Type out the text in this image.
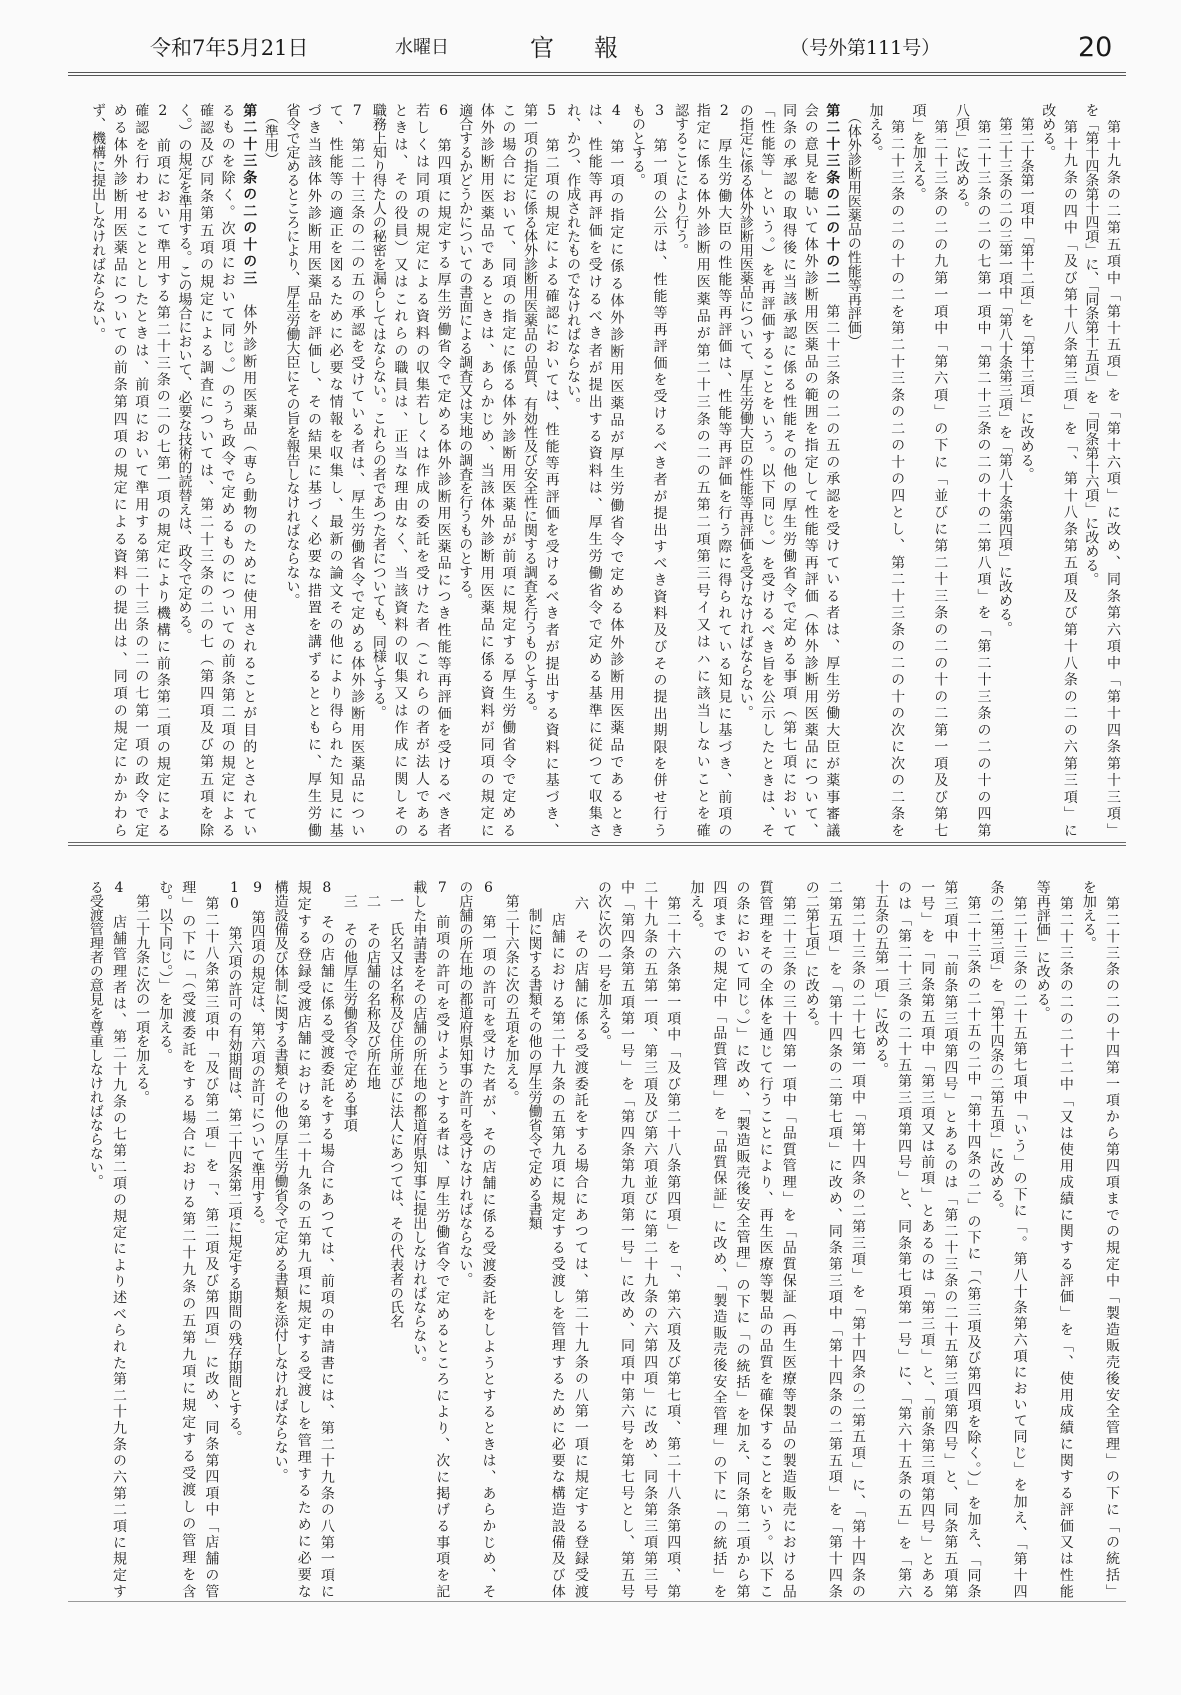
令和7年5月21日	水曜日	官報	（号外第111号）	20
　第十九条の二第五項中「第十五項」を「第十六項」に改め、同条第六項中「第十四条第十三項」
を「第十四条第十四項」に、「同条第十五項」を「同条第十六項」に改める。
　第十九条の四中「及び第十八条第三項」を「、第十八条第五項及び第十八条の二の六第三項」に
改める。
　第二十条第一項中「第十二項」を「第十三項」に改める。
　第二十三条の二の三第一項中「第八十条第三項」を「第八十条第四項」に改める。
　第二十三条の二の七第一項中「第二十三条の二の十の二第八項」を「第二十三条の二の十の四第
八項」に改める。
　第二十三条の二の九第一項中「第六項」の下に「並びに第二十三条の二の十の二第一項及び第七
項」を加える。
　第二十三条の二の十の二を第二十三条の二の十の四とし、第二十三条の二の十の次に次の二条を
加える。
　（体外診断用医薬品の性能等再評価）
第二十三条の二の十の二　第二十三条の二の五の承認を受けている者は、厚生労働大臣が薬事審議
会の意見を聴いて体外診断用医薬品の範囲を指定して性能等再評価（体外診断用医薬品について、
同条の承認の取得後に当該承認に係る性能その他の厚生労働省令で定める事項（第七項において
「性能等」という。）を再評価することをいう。以下同じ。）を受けるべき旨を公示したときは、そ
の指定に係る体外診断用医薬品について、厚生労働大臣の性能等再評価を受けなければならない。
2　厚生労働大臣の性能等再評価は、性能等再評価を行う際に得られている知見に基づき、前項の
指定に係る体外診断用医薬品が第二十三条の二の五第二項第三号イ又はハに該当しないことを確
認することにより行う。
3　第一項の公示は、性能等再評価を受けるべき者が提出すべき資料及びその提出期限を併せ行う
ものとする。
4　第一項の指定に係る体外診断用医薬品が厚生労働省令で定める体外診断用医薬品であるとき
は、性能等再評価を受けるべき者が提出する資料は、厚生労働省令で定める基準に従つて収集さ
れ、かつ、作成されたものでなければならない。
5　第二項の規定による確認においては、性能等再評価を受けるべき者が提出する資料に基づき、
第一項の指定に係る体外診断用医薬品の品質、有効性及び安全性に関する調査を行うものとする。
この場合において、同項の指定に係る体外診断用医薬品が前項に規定する厚生労働省令で定める
体外診断用医薬品であるときは、あらかじめ、当該体外診断用医薬品に係る資料が同項の規定に
適合するかどうかについての書面による調査又は実地の調査を行うものとする。
6　第四項に規定する厚生労働省令で定める体外診断用医薬品につき性能等再評価を受けるべき者
若しくは同項の規定による資料の収集若しくは作成の委託を受けた者（これらの者が法人である
ときは、その役員）又はこれらの職員は、正当な理由なく、当該資料の収集又は作成に関しその
職務上知り得た人の秘密を漏らしてはならない。これらの者であつた者についても、同様とする。
7　第二十三条の二の五の承認を受けている者は、厚生労働省令で定める体外診断用医薬品につい
て、性能等の適正を図るために必要な情報を収集し、最新の論文その他により得られた知見に基
づき当該体外診断用医薬品を評価し、その結果に基づく必要な措置を講ずるとともに、厚生労働
省令で定めるところにより、厚生労働大臣にその旨を報告しなければならない。
　（準用）
第二十三条の二の十の三　体外診断用医薬品（専ら動物のために使用されることが目的とされてい
るものを除く。次項において同じ。）のうち政令で定めるものについての前条第二項の規定による
確認及び同条第五項の規定による調査については、第二十三条の二の七（第四項及び第五項を除
く。）の規定を準用する。この場合において、必要な技術的読替えは、政令で定める。
2　前項において準用する第二十三条の二の七第一項の規定により機構に前条第二項の規定による
確認を行わせることとしたときは、前項において準用する第二十三条の二の七第一項の政令で定
める体外診断用医薬品についての前条第四項の規定による資料の提出は、同項の規定にかかわら
ず、機構に提出しなければならない。
　第二十三条の二の十四第一項から第四項までの規定中「製造販売後安全管理」の下に「の統括」
を加える。
　第二十三条の二の二十二中「又は使用成績に関する評価」を「、使用成績に関する評価又は性能
等再評価」に改める。
　第二十三条の二十五第七項中「いう」の下に「。第八十条第六項において同じ」を加え、「第十四
条の二第三項」を「第十四条の二第五項」に改める。
　第二十三条の二十五の二中「第十四条の二」の下に「（第三項及び第四項を除く。）」を加え、「同条
第三項中「前条第三項第四号」とあるのは「第二十三条の二十五第三項第四号」と、同条第五項第
一号」を「同条第五項中「第三項又は前項」とあるのは「第三項」と、「前条第三項第四号」とある
のは「第二十三条の二十五第三項第四号」と、同条第七項第一号」に、「第六十五条の五」を「第六
十五条の五第一項」に改める。
　第二十三条の二十七第一項中「第十四条の二第三項」を「第十四条の二第五項」に、「第十四条の
二第五項」を「第十四条の二第七項」に改め、同条第三項中「第十四条の二第五項」を「第十四条
の二第七項」に改める。
　第二十三条の三十四第一項中「品質管理」を「品質保証（再生医療等製品の製造販売における品
質管理をその全体を通じて行うことにより、再生医療等製品の品質を確保することをいう。以下こ
の条において同じ。）」に改め、「製造販売後安全管理」の下に「の統括」を加え、同条第二項から第
四項までの規定中「品質管理」を「品質保証」に改め、「製造販売後安全管理」の下に「の統括」を
加える。
　第二十六条第一項中「及び第二十八条第四項」を「、第六項及び第七項、第二十八条第四項、第
二十九条の五第一項、第三項及び第六項並びに第二十九条の六第四項」に改め、同条第三項第三号
中「第四条第五項第一号」を「第四条第九項第一号」に改め、同項中第六号を第七号とし、第五号
の次に次の一号を加える。
　六　その店舗に係る受渡委託をする場合にあつては、第二十九条の八第一項に規定する登録受渡
　　店舗における第二十九条の五第九項に規定する受渡しを管理するために必要な構造設備及び体
　　制に関する書類その他の厚生労働省令で定める書類
　第二十六条に次の五項を加える。
6　第一項の許可を受けた者が、その店舗に係る受渡委託をしようとするときは、あらかじめ、そ
の店舗の所在地の都道府県知事の許可を受けなければならない。
7　前項の許可を受けようとする者は、厚生労働省令で定めるところにより、次に掲げる事項を記
載した申請書をその店舗の所在地の都道府県知事に提出しなければならない。
　一　氏名又は名称及び住所並びに法人にあつては、その代表者の氏名
　二　その店舗の名称及び所在地
　三　その他厚生労働省令で定める事項
8　その店舗に係る受渡委託をする場合にあつては、前項の申請書には、第二十九条の八第一項に
規定する登録受渡店舗における第二十九条の五第九項に規定する受渡しを管理するために必要な
構造設備及び体制に関する書類その他の厚生労働省令で定める書類を添付しなければならない。
9　第四項の規定は、第六項の許可について準用する。
10　第六項の許可の有効期間は、第二十四条第二項に規定する期間の残存期間とする。
　第二十八条第三項中「及び第二項」を「、第二項及び第四項」に改め、同条第四項中「店舗の管
理」の下に「（受渡委託をする場合における第二十九条の五第九項に規定する受渡しの管理を含
む。以下同じ。）」を加える。
　第二十九条に次の一項を加える。
4　店舗管理者は、第二十九条の七第二項の規定により述べられた第二十九条の六第二項に規定す
る受渡管理者の意見を尊重しなければならない。
